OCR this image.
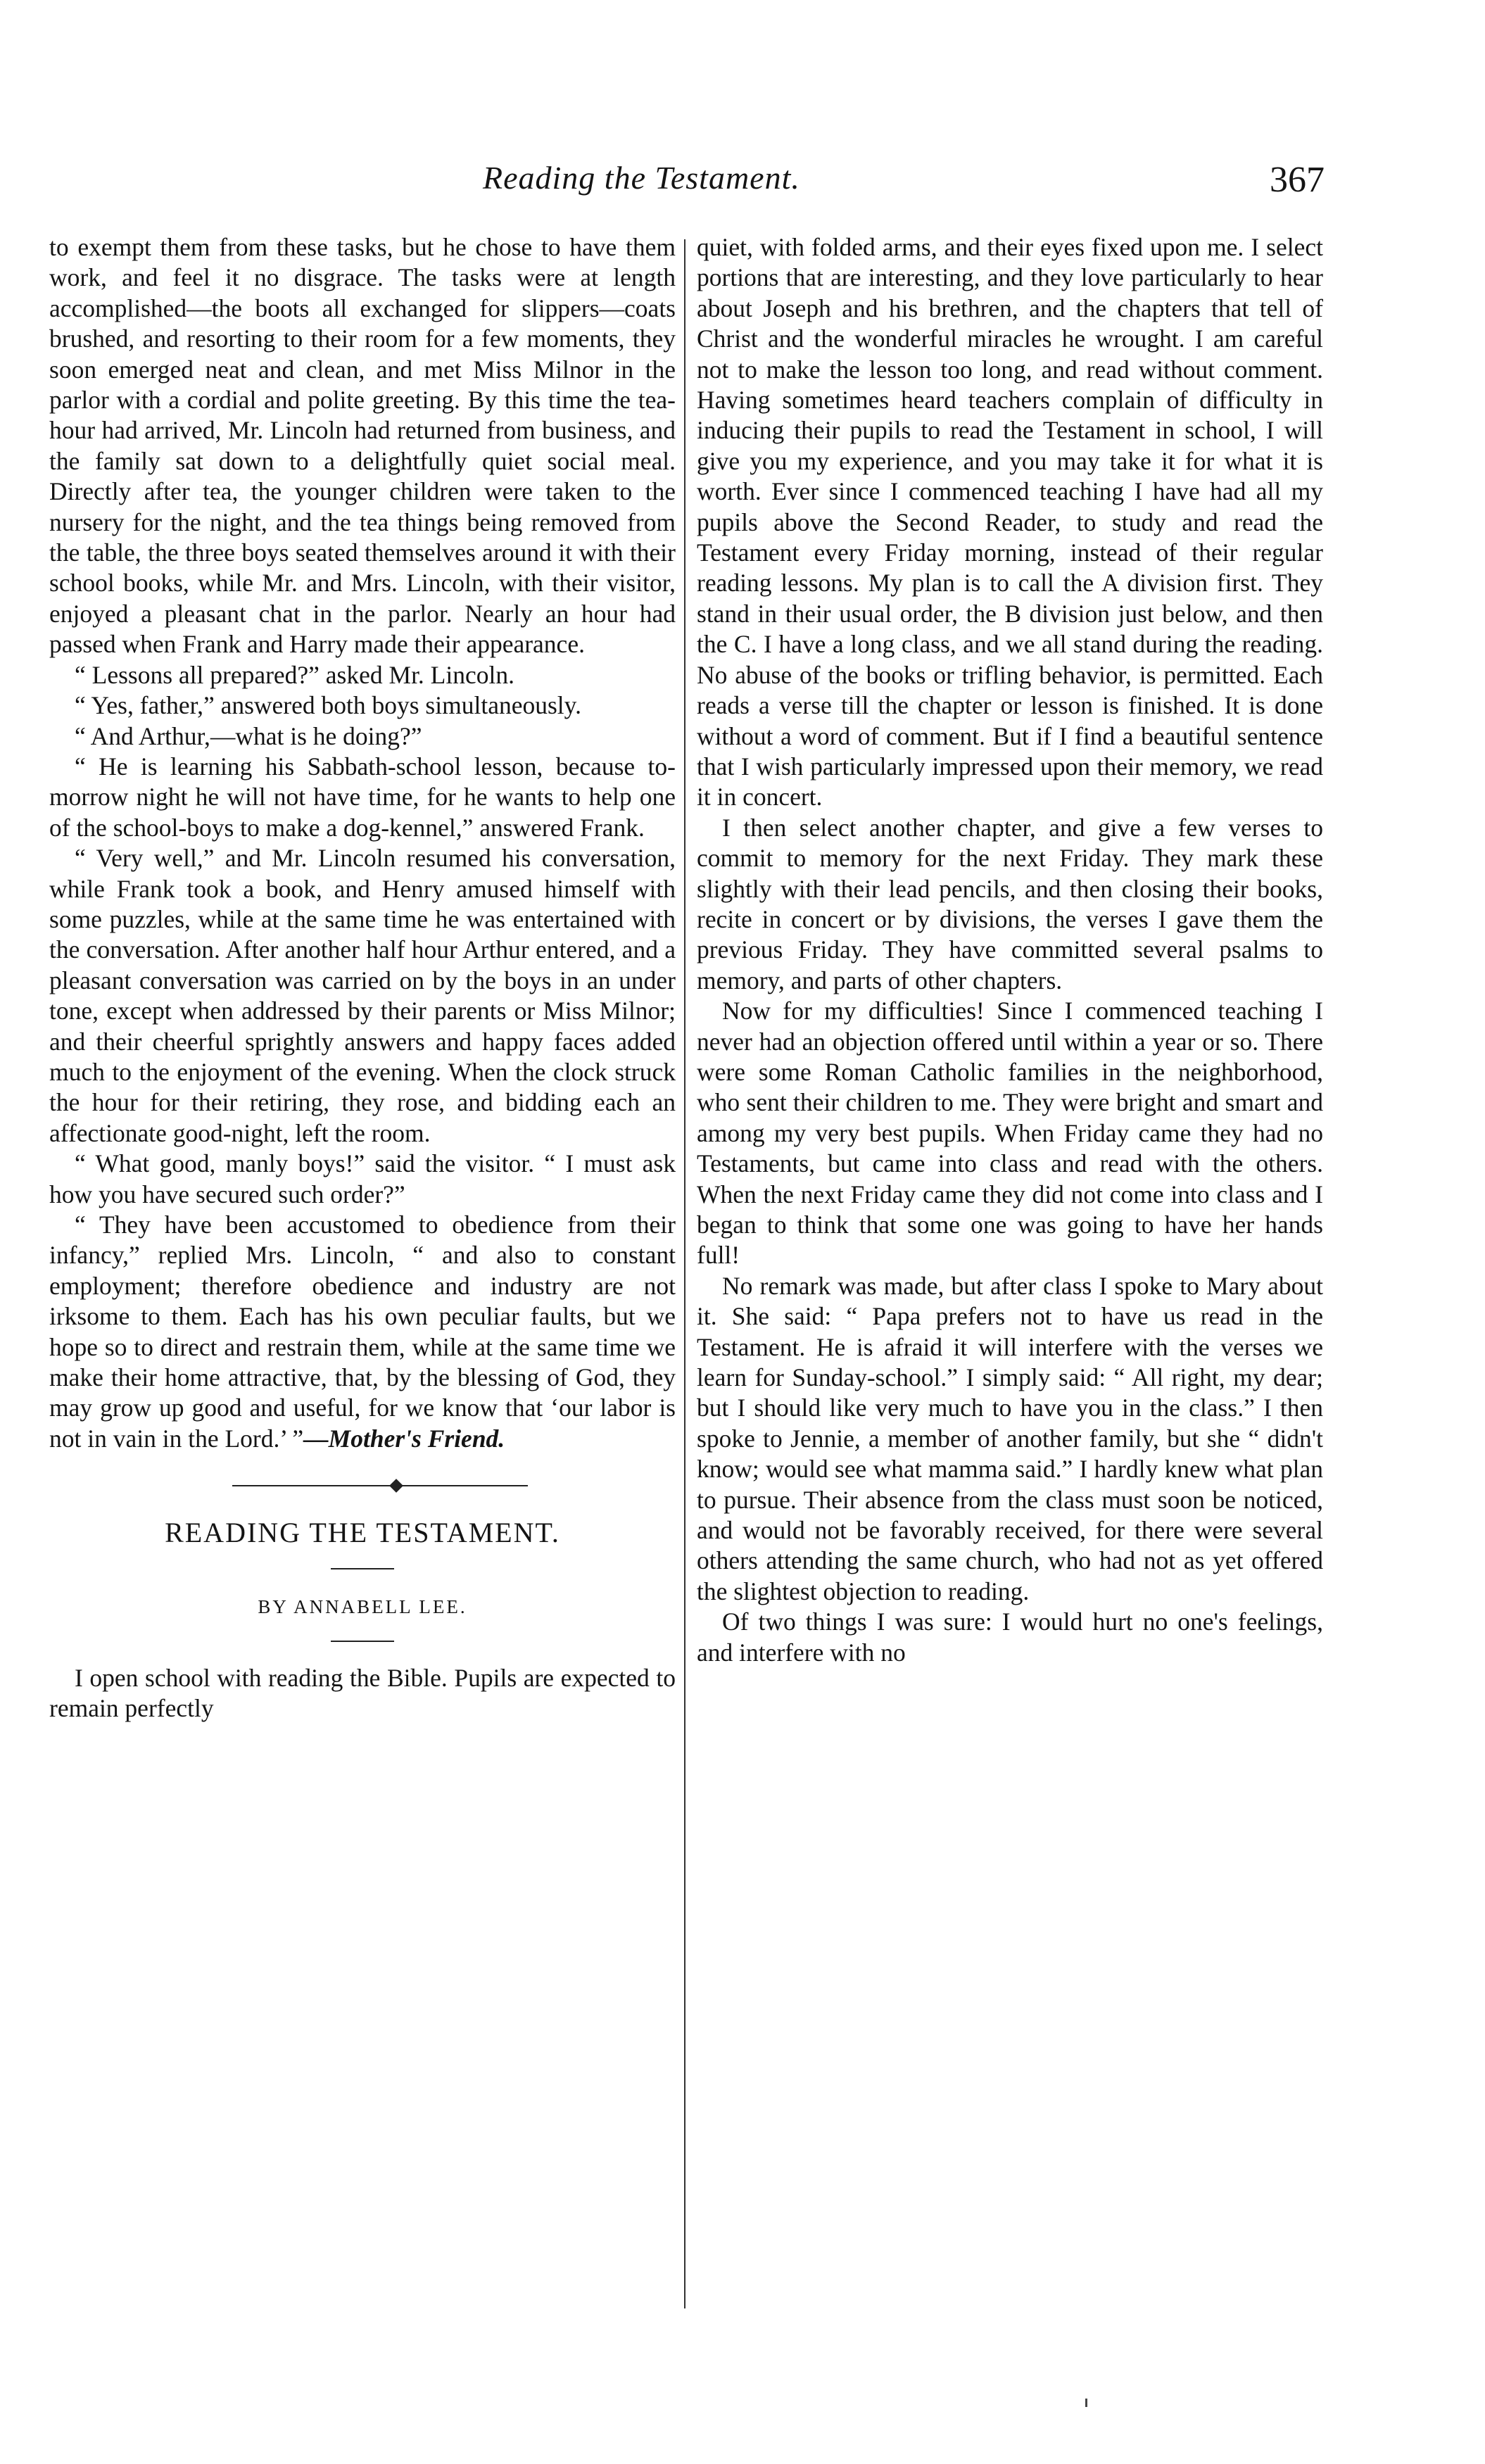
Reading the Testament.	367

to exempt them from these tasks, but he chose to have them work, and feel it no disgrace. The tasks were at length accomplished—the boots all exchanged for slippers—coats brushed, and resorting to their room for a few moments, they soon emerged neat and clean, and met Miss Milnor in the parlor with a cordial and polite greeting. By this time the tea-hour had arrived, Mr. Lincoln had returned from business, and the family sat down to a delightfully quiet social meal. Directly after tea, the younger children were taken to the nursery for the night, and the tea things being removed from the table, the three boys seated themselves around it with their school books, while Mr. and Mrs. Lincoln, with their visitor, enjoyed a pleasant chat in the parlor. Nearly an hour had passed when Frank and Harry made their appearance.

“ Lessons all prepared?” asked Mr. Lincoln.

“ Yes, father,” answered both boys simultaneously.

“ And Arthur,—what is he doing?”

“ He is learning his Sabbath-school lesson, because to-morrow night he will not have time, for he wants to help one of the school-boys to make a dog-kennel,” answered Frank.

“ Very well,” and Mr. Lincoln resumed his conversation, while Frank took a book, and Henry amused himself with some puzzles, while at the same time he was entertained with the conversation. After another half hour Arthur entered, and a pleasant conversation was carried on by the boys in an under tone, except when addressed by their parents or Miss Milnor; and their cheerful sprightly answers and happy faces added much to the enjoyment of the evening. When the clock struck the hour for their retiring, they rose, and bidding each an affectionate good-night, left the room.

“ What good, manly boys!” said the visitor. “ I must ask how you have secured such order?”

“ They have been accustomed to obedience from their infancy,” replied Mrs. Lincoln, “ and also to constant employment; therefore obedience and industry are not irksome to them. Each has his own peculiar faults, but we hope so to direct and restrain them, while at the same time we make their home attractive, that, by the blessing of God, they may grow up good and useful, for we know that ‘our labor is not in vain in the Lord.’ ”—Mother's Friend.

READING THE TESTAMENT.
BY ANNABELL LEE.

I open school with reading the Bible. Pupils are expected to remain perfectly

quiet, with folded arms, and their eyes fixed upon me. I select portions that are interesting, and they love particularly to hear about Joseph and his brethren, and the chapters that tell of Christ and the wonderful miracles he wrought. I am careful not to make the lesson too long, and read without comment. Having sometimes heard teachers complain of difficulty in inducing their pupils to read the Testament in school, I will give you my experience, and you may take it for what it is worth. Ever since I commenced teaching I have had all my pupils above the Second Reader, to study and read the Testament every Friday morning, instead of their regular reading lessons. My plan is to call the A division first. They stand in their usual order, the B division just below, and then the C. I have a long class, and we all stand during the reading. No abuse of the books or trifling behavior, is permitted. Each reads a verse till the chapter or lesson is finished. It is done without a word of comment. But if I find a beautiful sentence that I wish particularly impressed upon their memory, we read it in concert.

I then select another chapter, and give a few verses to commit to memory for the next Friday. They mark these slightly with their lead pencils, and then closing their books, recite in concert or by divisions, the verses I gave them the previous Friday. They have committed several psalms to memory, and parts of other chapters.

Now for my difficulties! Since I commenced teaching I never had an objection offered until within a year or so. There were some Roman Catholic families in the neighborhood, who sent their children to me. They were bright and smart and among my very best pupils. When Friday came they had no Testaments, but came into class and read with the others. When the next Friday came they did not come into class and I began to think that some one was going to have her hands full!

No remark was made, but after class I spoke to Mary about it. She said: “ Papa prefers not to have us read in the Testament. He is afraid it will interfere with the verses we learn for Sunday-school.” I simply said: “ All right, my dear; but I should like very much to have you in the class.” I then spoke to Jennie, a member of another family, but she “ didn't know; would see what mamma said.” I hardly knew what plan to pursue. Their absence from the class must soon be noticed, and would not be favorably received, for there were several others attending the same church, who had not as yet offered the slightest objection to reading.

Of two things I was sure: I would hurt no one's feelings, and interfere with no
